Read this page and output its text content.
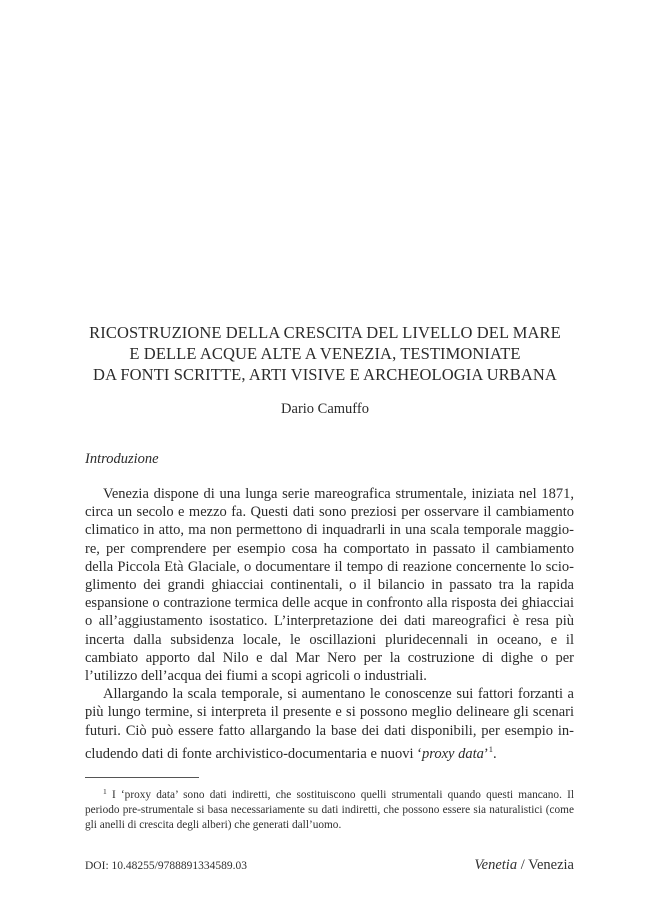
RICOSTRUZIONE DELLA CRESCITA DEL LIVELLO DEL MARE
E DELLE ACQUE ALTE A VENEZIA, TESTIMONIATE
DA FONTI SCRITTE, ARTI VISIVE E ARCHEOLOGIA URBANA
Dario Camuffo
Introduzione

Venezia dispone di una lunga serie mareografica strumentale, iniziata nel 1871, circa un secolo e mezzo fa. Questi dati sono preziosi per osservare il cambiamento climatico in atto, ma non permettono di inquadrarli in una scala temporale maggiore, per comprendere per esempio cosa ha comportato in passato il cambiamento della Piccola Età Glaciale, o documentare il tempo di reazione concernente lo scioglimento dei grandi ghiacciai continentali, o il bilancio in passato tra la rapida espansione o contrazione termica delle acque in confronto alla risposta dei ghiacciai o all’aggiustamento isostatico. L’interpretazione dei dati mareografici è resa più incerta dalla subsidenza locale, le oscillazioni pluridecennali in oceano, e il cambiato apporto dal Nilo e dal Mar Nero per la costruzione di dighe o per l’utilizzo dell’acqua dei fiumi a scopi agricoli o industriali.

Allargando la scala temporale, si aumentano le conoscenze sui fattori forzanti a più lungo termine, si interpreta il presente e si possono meglio delineare gli scenari futuri. Ciò può essere fatto allargando la base dei dati disponibili, per esempio includendo dati di fonte archivistico-documentaria e nuovi ‘proxy data’$^1$.

$^1$ I ‘proxy data’ sono dati indiretti, che sostituiscono quelli strumentali quando questi mancano. Il periodo pre-strumentale si basa necessariamente su dati indiretti, che possono essere sia naturalistici (come gli anelli di crescita degli alberi) che generati dall’uomo.

DOI: 10.48255/9788891334589.03	Venetia / Venezia
